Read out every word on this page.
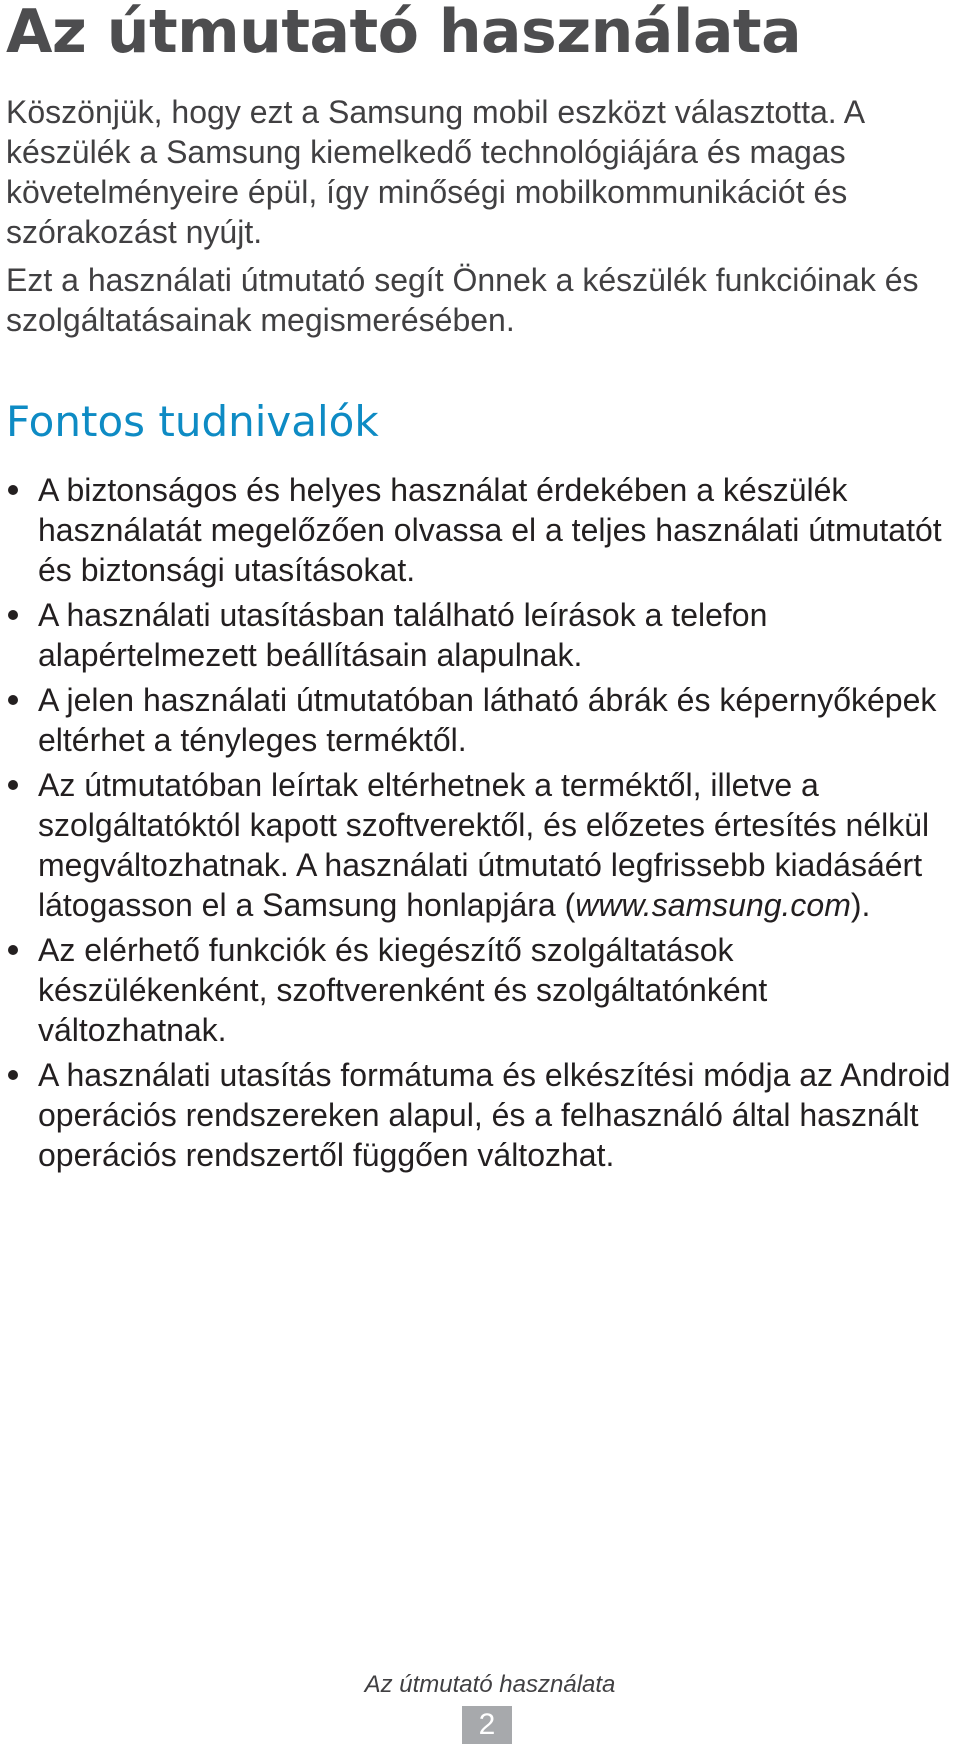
Az útmutató használata

Köszönjük, hogy ezt a Samsung mobil eszközt választotta. A készülék a Samsung kiemelkedő technológiájára és magas követelményeire épül, így minőségi mobilkommunikációt és szórakozást nyújt.

Ezt a használati útmutató segít Önnek a készülék funkcióinak és szolgáltatásainak megismerésében.

Fontos tudnivalók
A biztonságos és helyes használat érdekében a készülék használatát megelőzően olvassa el a teljes használati útmutatót és biztonsági utasításokat.
A használati utasításban található leírások a telefon alapértelmezett beállításain alapulnak.
A jelen használati útmutatóban látható ábrák és képernyőképek eltérhet a tényleges terméktől.
Az útmutatóban leírtak eltérhetnek a terméktől, illetve a szolgáltatóktól kapott szoftverektől, és előzetes értesítés nélkül megváltozhatnak. A használati útmutató legfrissebb kiadásáért látogasson el a Samsung honlapjára (www.samsung.com).
Az elérhető funkciók és kiegészítő szolgáltatások készülékenként, szoftverenként és szolgáltatónként változhatnak.
A használati utasítás formátuma és elkészítési módja az Android operációs rendszereken alapul, és a felhasználó által használt operációs rendszertől függően változhat.
Az útmutató használata
2
